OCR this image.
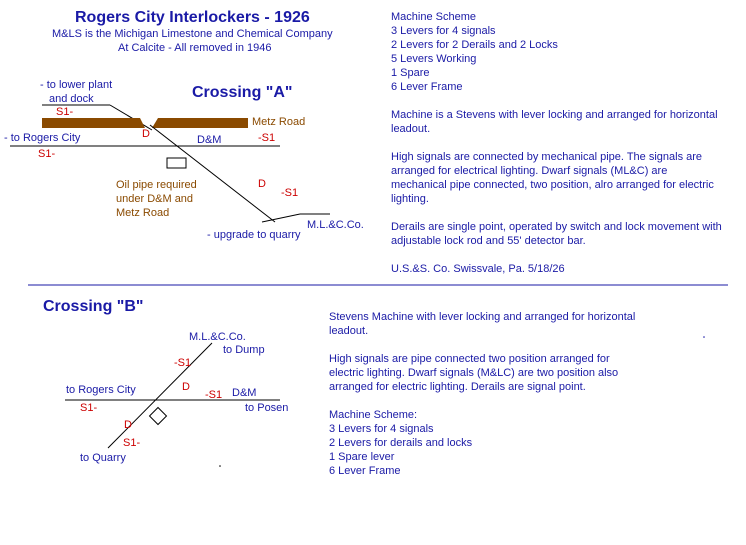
Rogers City Interlockers - 1926
M&LS is the Michigan Limestone and Chemical Company
At Calcite - All removed in 1946
Crossing "A"
- to lower plant
and dock
S1-
Metz Road
D	D&M
- to Rogers City	-S1
S1-
Oil pipe required
under D&M and
Metz Road
D
-S1
M.L.&C.Co.
- upgrade to quarry
Machine Scheme
3 Levers for 4 signals
2 Levers for 2 Derails and 2 Locks
5 Levers Working
1 Spare
6 Lever Frame
Machine is a Stevens with lever locking and arranged for horizontal
leadout.
High signals are connected by mechanical pipe. The signals are
arranged for electrical lighting. Dwarf signals (ML&C) are
mechanical pipe connected, two position, alro arranged for electric
lighting.
Derails are single point, operated by switch and lock movement with
adjustable lock rod and 55' detector bar.
U.S.&S. Co. Swissvale, Pa. 5/18/26
Crossing "B"
M.L.&C.Co.
to Dump
-S1
to Rogers City	D
-S1 D&M
S1-	to Posen
D
S1-
to Quarry
Stevens Machine with lever locking and arranged for horizontal
leadout.
High signals are pipe connected two position arranged for
electric lighting. Dwarf signals (M&LC) are two position also
arranged for electric lighting. Derails are signal point.
Machine Scheme:
3 Levers for 4 signals
2 Levers for derails and locks
1 Spare lever
6 Lever Frame
